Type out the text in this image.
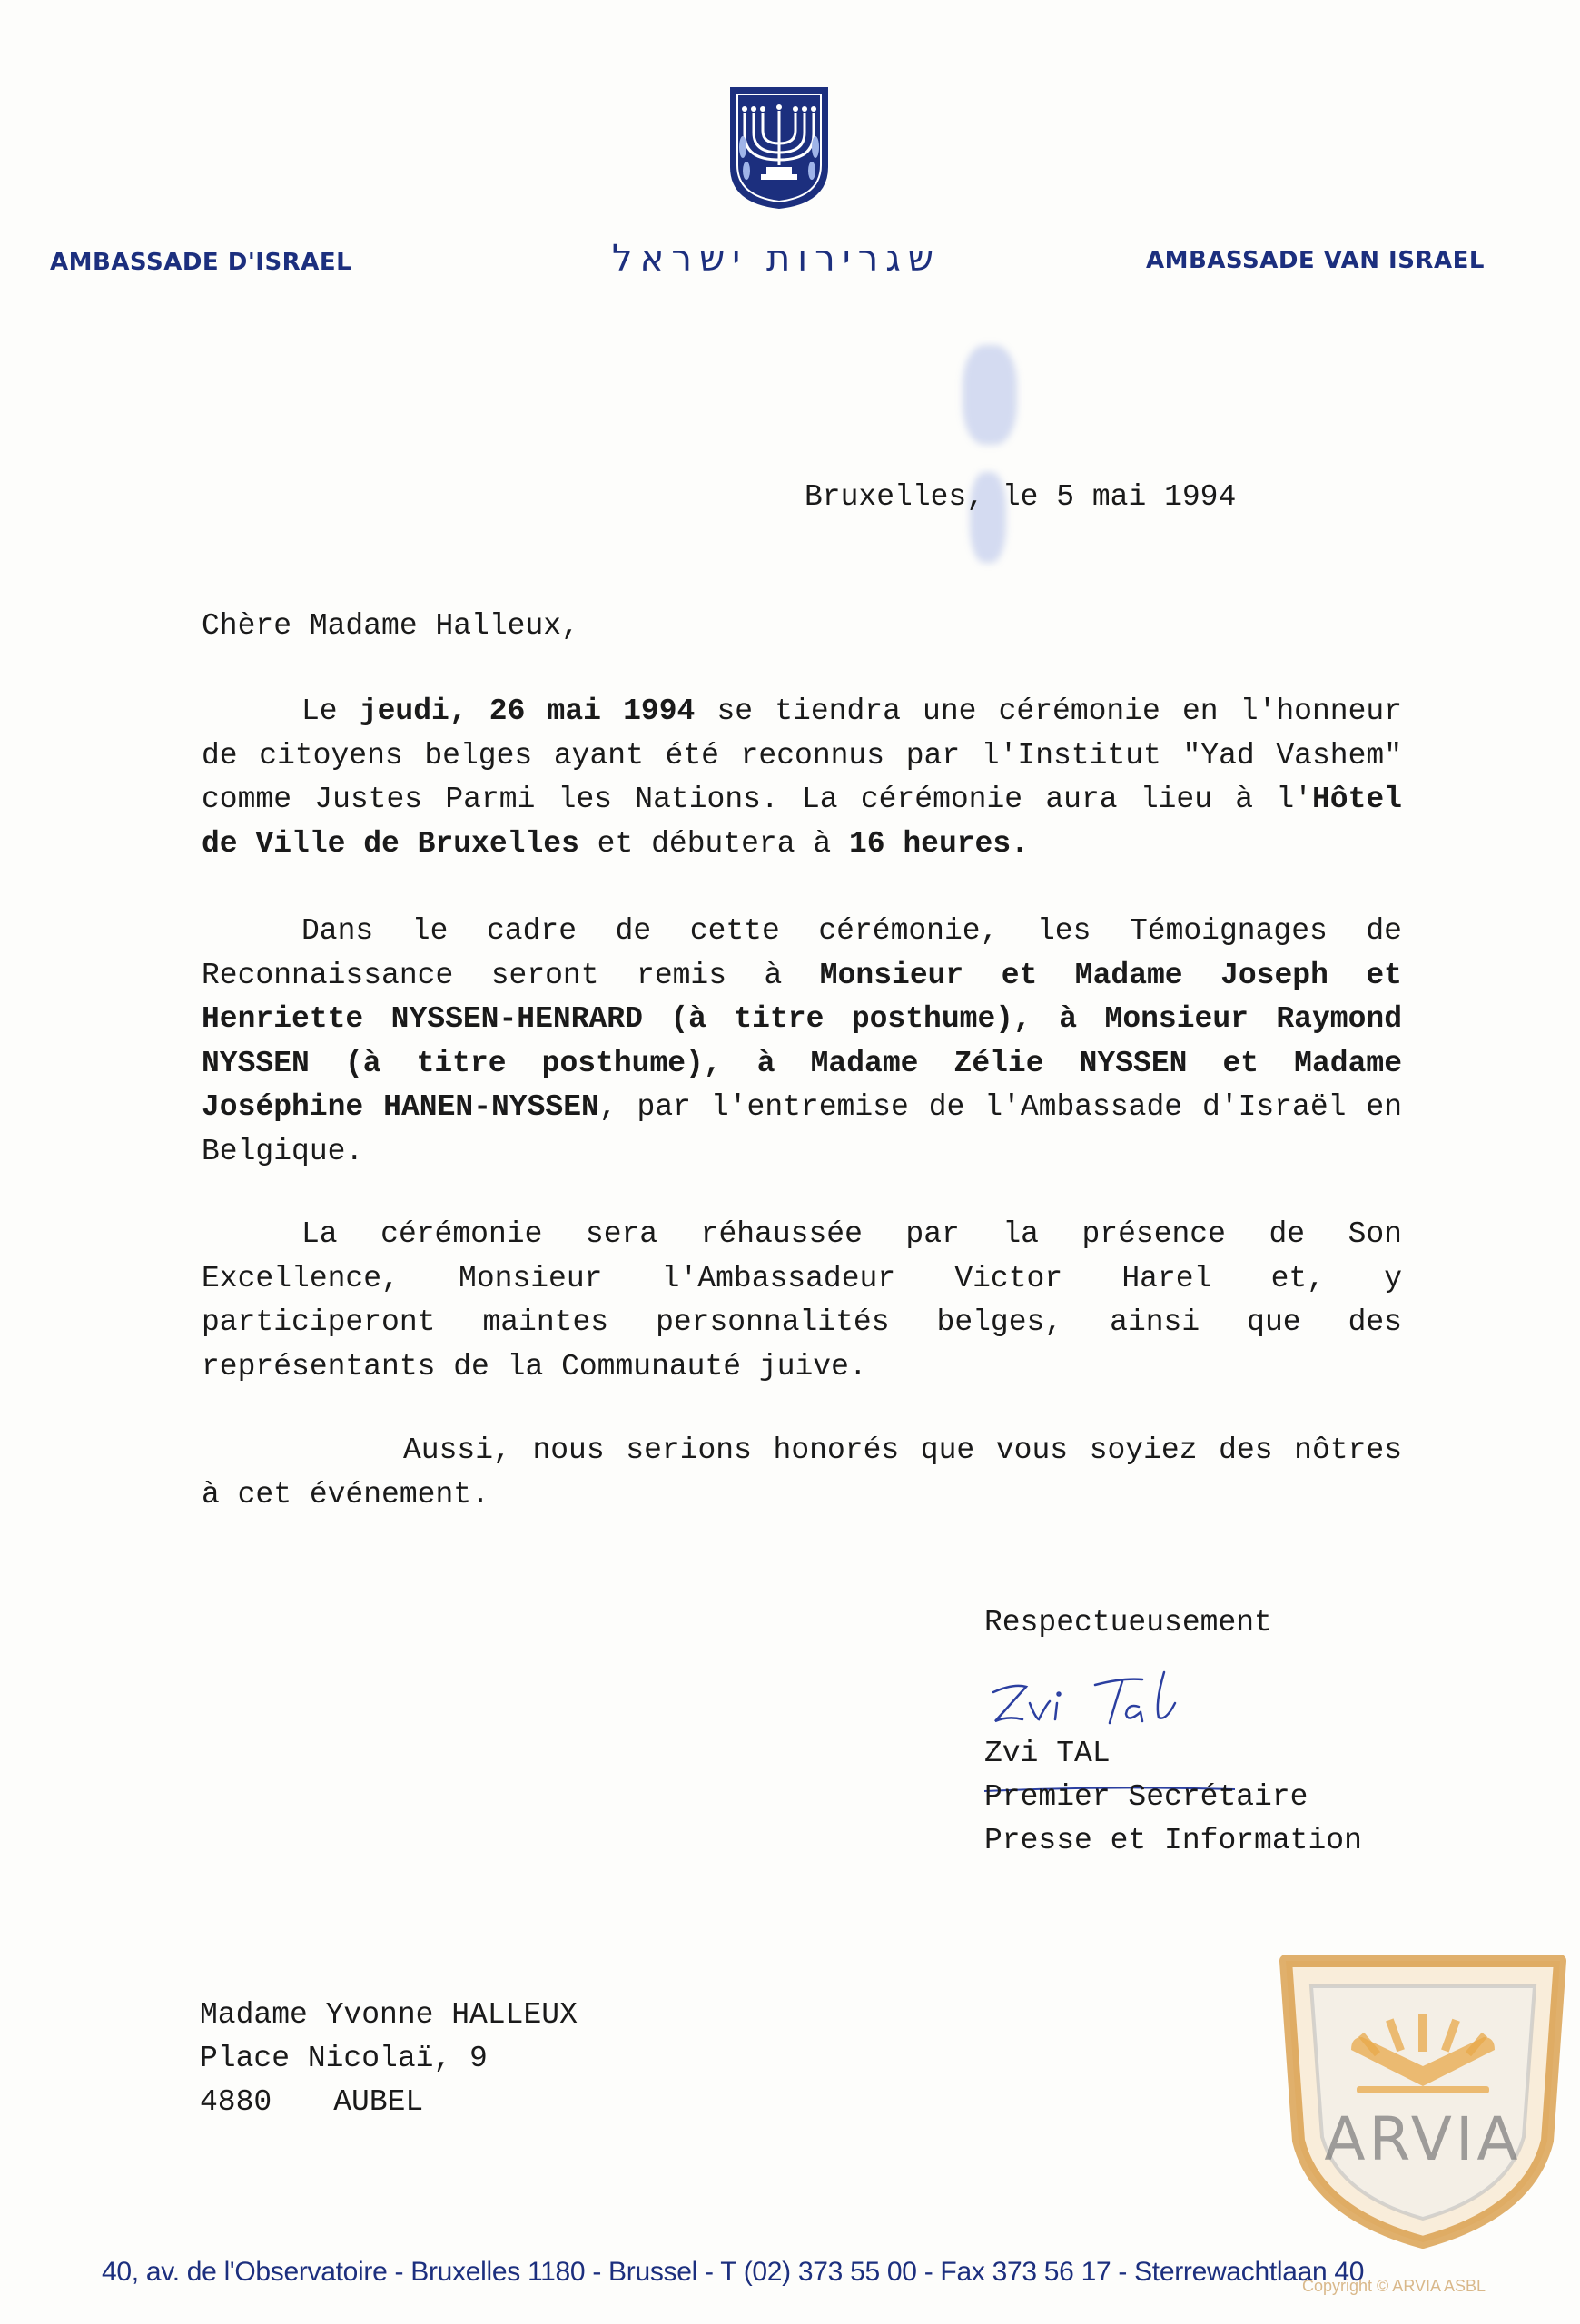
AMBASSADE D'ISRAEL	שגרירות ישראל	AMBASSADE VAN ISRAEL
Bruxelles, le 5 mai 1994
Chère Madame Halleux,
Le jeudi, 26 mai 1994 se tiendra une cérémonie en l'honneur de citoyens belges ayant été reconnus par l'Institut "Yad Vashem" comme Justes Parmi les Nations. La cérémonie aura lieu à l'Hôtel de Ville de Bruxelles et débutera à 16 heures.
Dans le cadre de cette cérémonie, les Témoignages de Reconnaissance seront remis à Monsieur et Madame Joseph et Henriette NYSSEN-HENRARD (à titre posthume), à Monsieur Raymond NYSSEN (à titre posthume), à Madame Zélie NYSSEN et Madame Joséphine HANEN-NYSSEN, par l'entremise de l'Ambassade d'Israël en Belgique.
La cérémonie sera réhaussée par la présence de Son Excellence, Monsieur l'Ambassadeur Victor Harel et, y participeront maintes personnalités belges, ainsi que des représentants de la Communauté juive.
Aussi, nous serions honorés que vous soyiez des nôtres à cet événement.
Respectueusement
Zvi TAL
Premier Secrétaire
Presse et Information
Madame Yvonne HALLEUX
Place Nicolaï, 9
4880 AUBEL
ARVIA
40, av. de l'Observatoire - Bruxelles 1180 - Brussel - T (02) 373 55 00 - Fax 373 56 17 - Sterrewachtlaan 40
Copyright © ARVIA ASBL
